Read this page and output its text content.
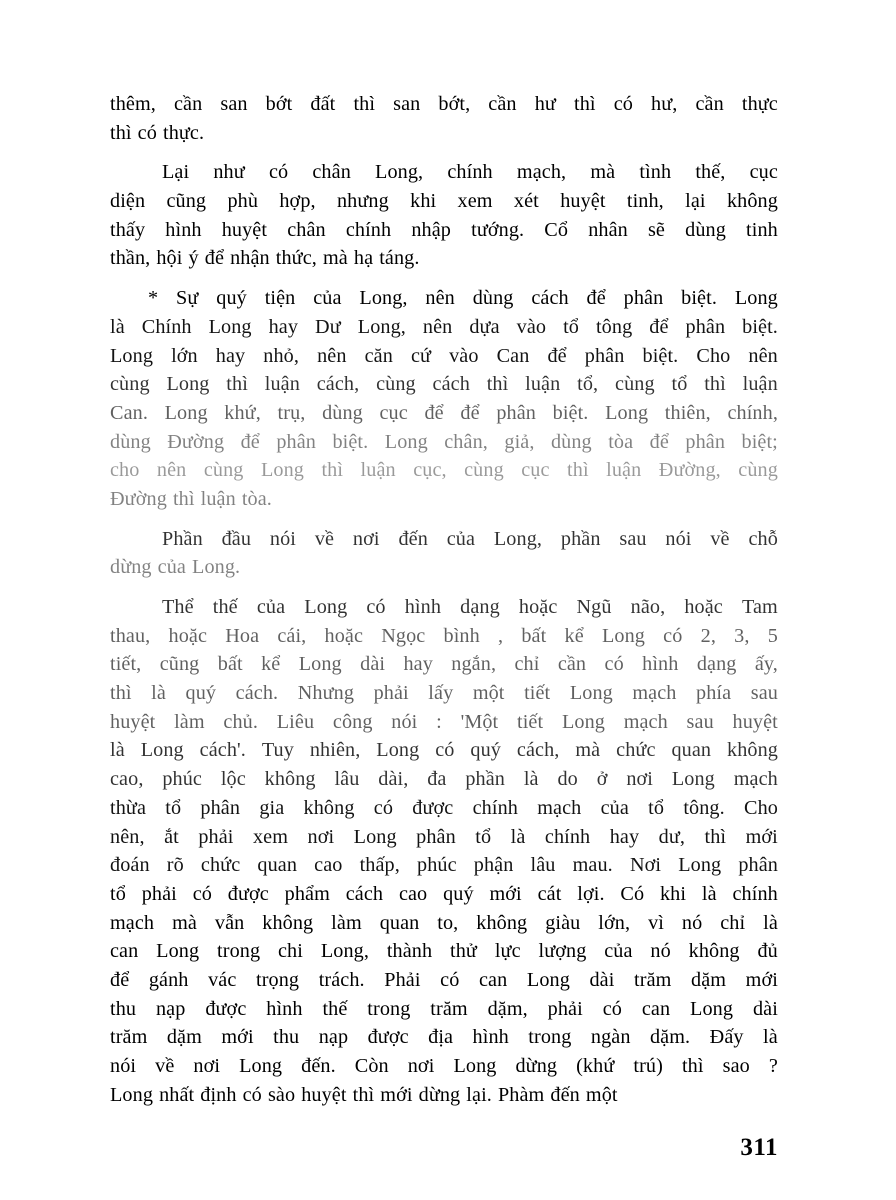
thêm, cần san bớt đất thì san bớt, cần hư thì có hư, cần thực
thì có thực.
Lại như có chân Long, chính mạch, mà tình thế, cục
diện cũng phù hợp, nhưng khi xem xét huyệt tinh, lại không
thấy hình huyệt chân chính nhập tướng. Cổ nhân sẽ dùng tinh
thần, hội ý để nhận thức, mà hạ táng.
* Sự quý tiện của Long, nên dùng cách để phân biệt. Long
là Chính Long hay Dư Long, nên dựa vào tổ tông để phân biệt.
Long lớn hay nhỏ, nên căn cứ vào Can để phân biệt. Cho nên
cùng Long thì luận cách, cùng cách thì luận tổ, cùng tổ thì luận
Can. Long khứ, trụ, dùng cục để để phân biệt. Long thiên, chính,
dùng Đường để phân biệt. Long chân, giả, dùng tòa để phân biệt;
cho nên cùng Long thì luận cục, cùng cục thì luận Đường, cùng
Đường thì luận tòa.
Phần đầu nói về nơi đến của Long, phần sau nói về chỗ
dừng của Long.
Thể thế của Long có hình dạng hoặc Ngũ não, hoặc Tam
thau, hoặc Hoa cái, hoặc Ngọc bình , bất kể Long có 2, 3, 5
tiết, cũng bất kể Long dài hay ngắn, chỉ cần có hình dạng ấy,
thì là quý cách. Nhưng phải lấy một tiết Long mạch phía sau
huyệt làm chủ. Liêu công nói : 'Một tiết Long mạch sau huyệt
là Long cách'. Tuy nhiên, Long có quý cách, mà chức quan không
cao, phúc lộc không lâu dài, đa phần là do ở nơi Long mạch
thừa tổ phân gia không có được chính mạch của tổ tông. Cho
nên, ắt phải xem nơi Long phân tổ là chính hay dư, thì mới
đoán rõ chức quan cao thấp, phúc phận lâu mau. Nơi Long phân
tổ phải có được phẩm cách cao quý mới cát lợi. Có khi là chính
mạch mà vẫn không làm quan to, không giàu lớn, vì nó chỉ là
can Long trong chi Long, thành thử lực lượng của nó không đủ
để gánh vác trọng trách. Phải có can Long dài trăm dặm mới
thu nạp được hình thế trong trăm dặm, phải có can Long dài
trăm dặm mới thu nạp được địa hình trong ngàn dặm. Đấy là
nói về nơi Long đến. Còn nơi Long dừng (khứ trú) thì sao ?
Long nhất định có sào huyệt thì mới dừng lại. Phàm đến một
311
